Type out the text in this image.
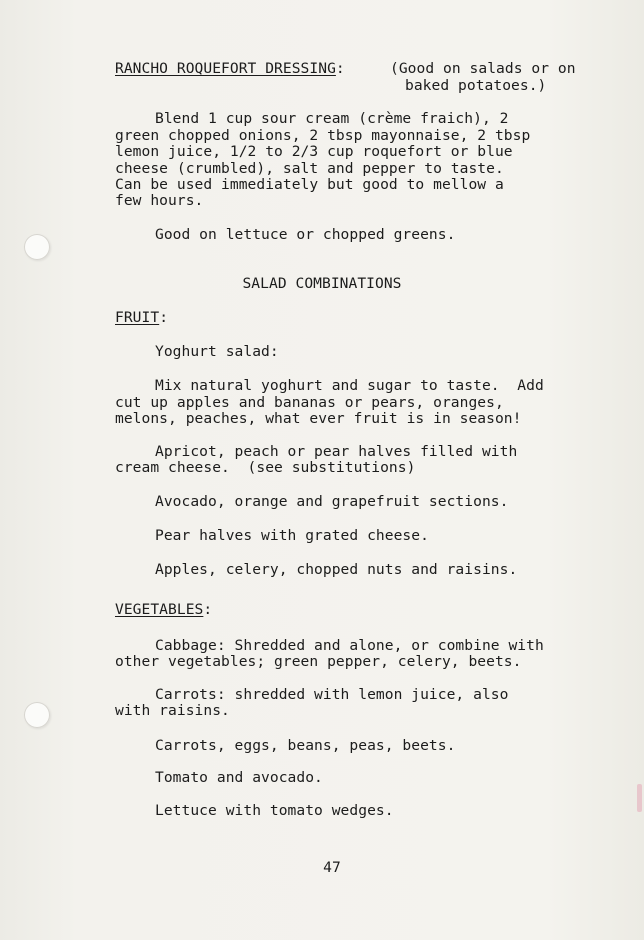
RANCHO ROQUEFORT DRESSING:	(Good on salads or on
baked potatoes.)
Blend 1 cup sour cream (crème fraich), 2
green chopped onions, 2 tbsp mayonnaise, 2 tbsp
lemon juice, 1/2 to 2/3 cup roquefort or blue
cheese (crumbled), salt and pepper to taste.
Can be used immediately but good to mellow a
few hours.
Good on lettuce or chopped greens.
SALAD COMBINATIONS
FRUIT:
Yoghurt salad:
Mix natural yoghurt and sugar to taste.  Add
cut up apples and bananas or pears, oranges,
melons, peaches, what ever fruit is in season!
Apricot, peach or pear halves filled with
cream cheese.  (see substitutions)
Avocado, orange and grapefruit sections.
Pear halves with grated cheese.
Apples, celery, chopped nuts and raisins.
VEGETABLES:
Cabbage: Shredded and alone, or combine with
other vegetables; green pepper, celery, beets.
Carrots: shredded with lemon juice, also
with raisins.
Carrots, eggs, beans, peas, beets.
Tomato and avocado.
Lettuce with tomato wedges.
47
